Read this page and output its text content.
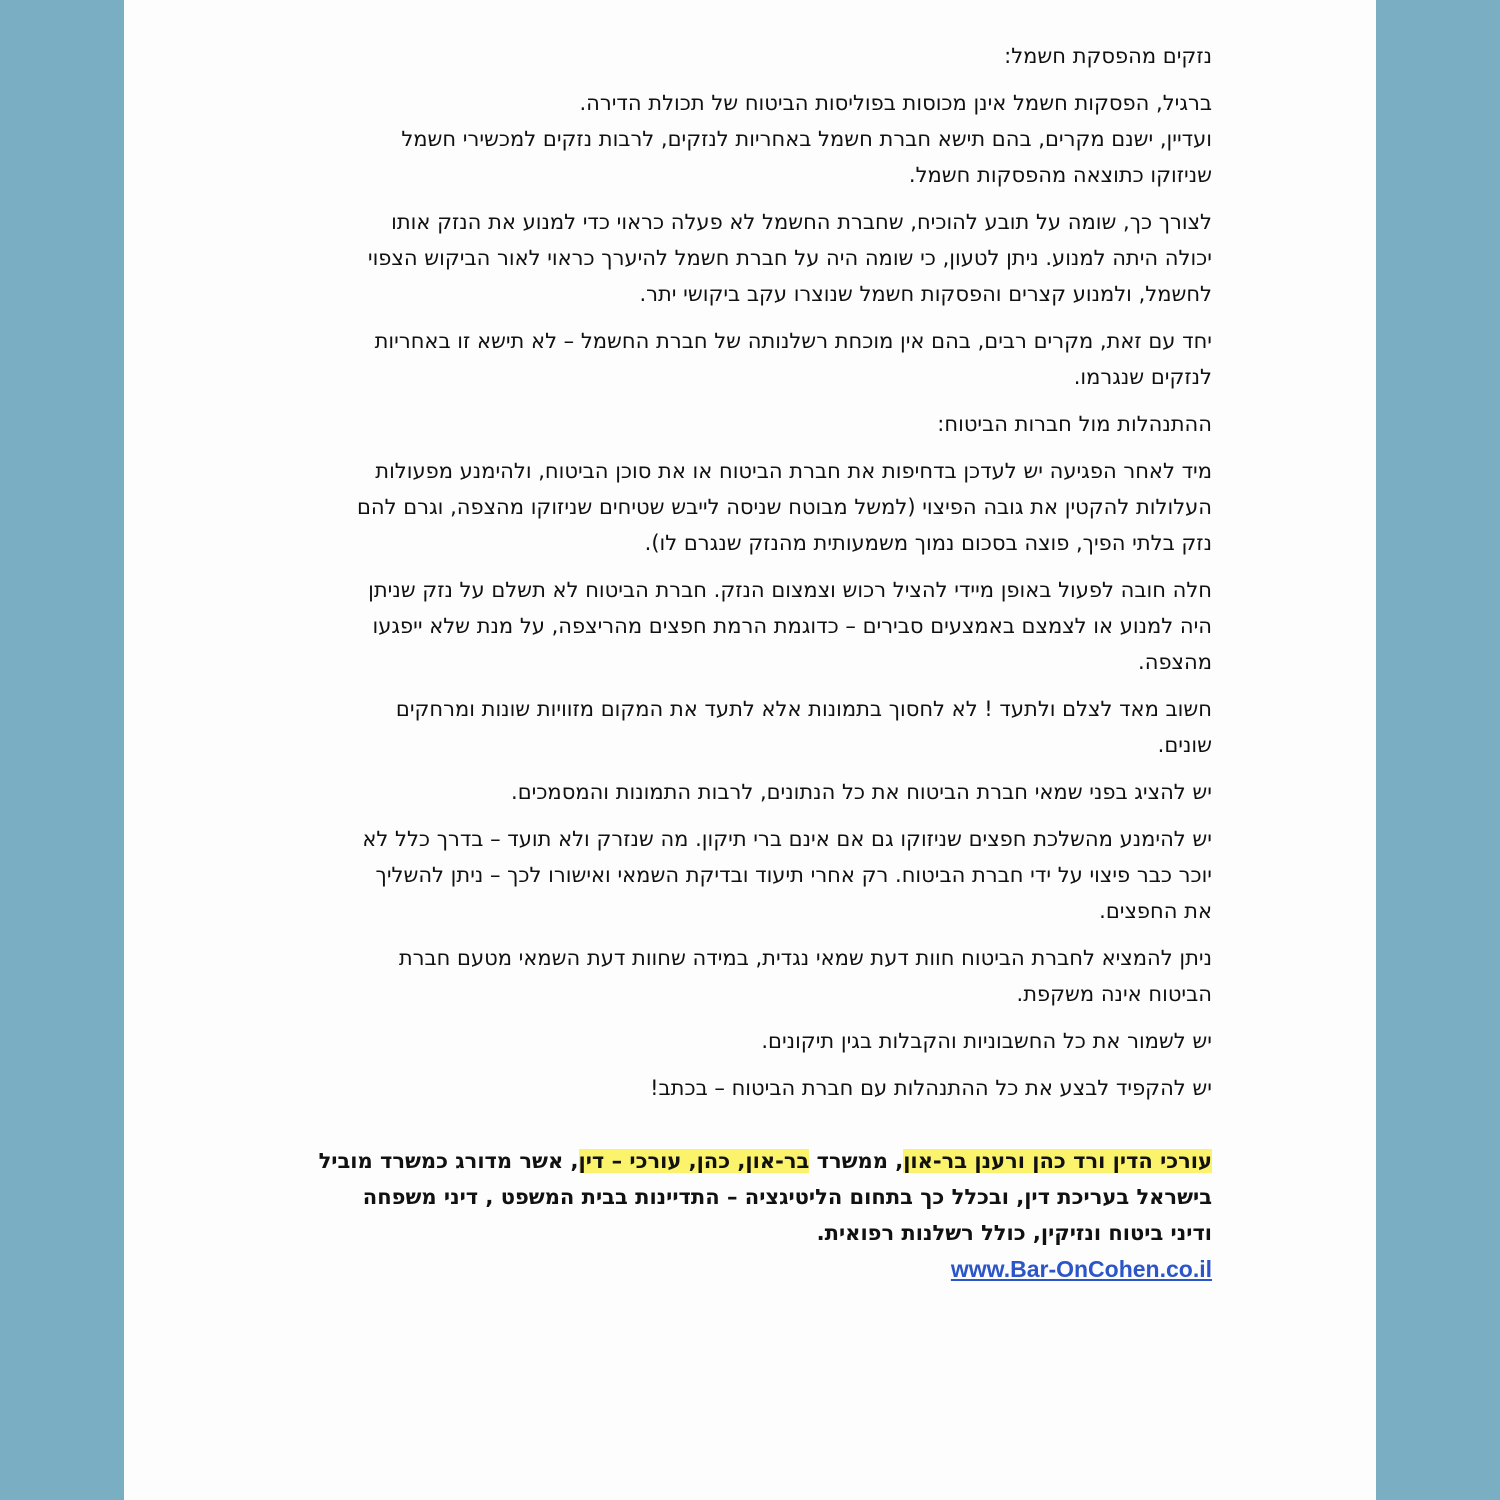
נזקים מהפסקת חשמל:
ברגיל, הפסקות חשמל אינן מכוסות בפוליסות הביטוח של תכולת הדירה.
ועדיין, ישנם מקרים, בהם תישא חברת חשמל באחריות לנזקים, לרבות נזקים למכשירי חשמל
שניזוקו כתוצאה מהפסקות חשמל.
לצורך כך, שומה על תובע להוכיח, שחברת החשמל לא פעלה כראוי כדי למנוע את הנזק אותו
יכולה היתה למנוע. ניתן לטעון, כי שומה היה על חברת חשמל להיערך כראוי לאור הביקוש הצפוי
לחשמל, ולמנוע קצרים והפסקות חשמל שנוצרו עקב ביקושי יתר.
יחד עם זאת, מקרים רבים, בהם אין מוכחת רשלנותה של חברת החשמל – לא תישא זו באחריות
לנזקים שנגרמו.
ההתנהלות מול חברות הביטוח:
מיד לאחר הפגיעה יש לעדכן בדחיפות את חברת הביטוח או את סוכן הביטוח, ולהימנע מפעולות
העלולות להקטין את גובה הפיצוי (למשל מבוטח שניסה לייבש שטיחים שניזוקו מהצפה, וגרם להם
נזק בלתי הפיך, פוצה בסכום נמוך משמעותית מהנזק שנגרם לו).
חלה חובה לפעול באופן מיידי להציל רכוש וצמצום הנזק. חברת הביטוח לא תשלם על נזק שניתן
היה למנוע או לצמצם באמצעים סבירים – כדוגמת הרמת חפצים מהריצפה, על מנת שלא ייפגעו
מהצפה.
חשוב מאד לצלם ולתעד ! לא לחסוך בתמונות אלא לתעד את המקום מזוויות שונות ומרחקים
שונים.
יש להציג בפני שמאי חברת הביטוח את כל הנתונים, לרבות התמונות והמסמכים.
יש להימנע מהשלכת חפצים שניזוקו גם אם אינם ברי תיקון. מה שנזרק ולא תועד – בדרך כלל לא
יוכר כבר פיצוי על ידי חברת הביטוח. רק אחרי תיעוד ובדיקת השמאי ואישורו לכך – ניתן להשליך
את החפצים.
ניתן להמציא לחברת הביטוח חוות דעת שמאי נגדית, במידה שחוות דעת השמאי מטעם חברת
הביטוח אינה משקפת.
יש לשמור את כל החשבוניות והקבלות בגין תיקונים.
יש להקפיד לבצע את כל ההתנהלות עם חברת הביטוח – בכתב!
עורכי הדין ורד כהן ורענן בר-און, ממשרד בר-און, כהן, עורכי – דין, אשר מדורג כמשרד מוביל
בישראל בעריכת דין, ובכלל כך בתחום הליטיגציה – התדיינות בבית המשפט , דיני משפחה
ודיני ביטוח ונזיקין, כולל רשלנות רפואית.
www.Bar-OnCohen.co.il
